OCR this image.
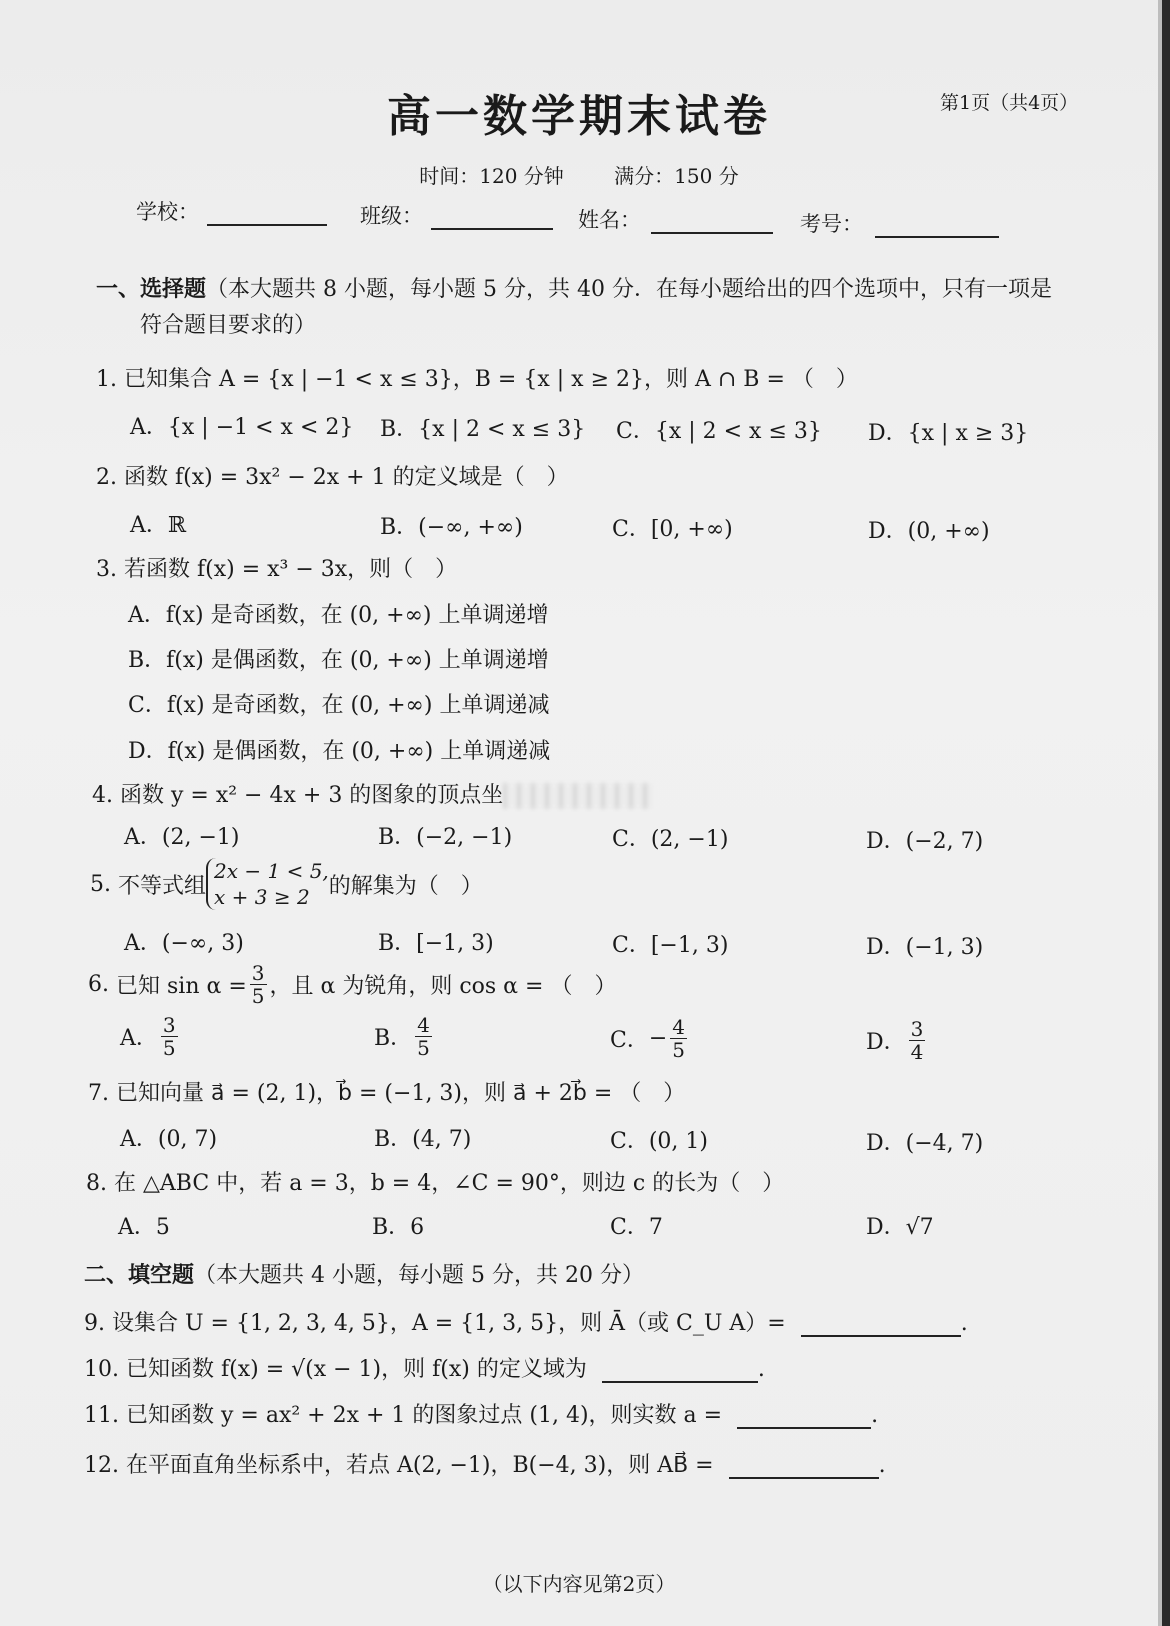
高一数学期末试卷	第1页（共4页）
时间：120 分钟	满分：150 分
学校：	班级：	姓名：	考号：
一、选择题（本大题共 8 小题，每小题 5 分，共 40 分．在每小题给出的四个选项中，只有一项是
符合题目要求的）
1. 已知集合 A = {x | −1 < x ≤ 3}，B = {x | x ≥ 2}，则 A ∩ B = （　）
A．{x | −1 < x < 2} B．{x | 2 < x ≤ 3} C．{x | 2 < x ≤ 3} D．{x | x ≥ 3}
2. 函数 f(x) = 3x² − 2x + 1 的定义域是（　）
A．ℝ	B．(−∞, +∞)	C．[0, +∞)	D．(0, +∞)
3. 若函数 f(x) = x³ − 3x，则（　）
A．f(x) 是奇函数，在 (0, +∞) 上单调递增
B．f(x) 是偶函数，在 (0, +∞) 上单调递增
C．f(x) 是奇函数，在 (0, +∞) 上单调递减
D．f(x) 是偶函数，在 (0, +∞) 上单调递减
4. 函数 y = x² − 4x + 3 的图象的顶点坐
A．(2, −1)	B．(−2, −1)	C．(2, −1)	D．(−2, 7)
5.
不等式组
2x − 1 < 5,
x + 3 ≥ 2 的解集为（　）
A．(−∞, 3)	B．[−1, 3)	C．[−1, 3)	D．(−1, 3)
6.
已知 $\sin \alpha = \frac{3}{5}$ ，且 α 为锐角，则 cos α = （　）
A． $\frac{3}{5}$	B． $\frac{4}{5}$	C． − $\frac{4}{5}$	D． $\frac{3}{4}$
7. 已知向量 a⃗ = (2, 1)，b⃗ = (−1, 3)，则 a⃗ + 2b⃗ = （　）
A．(0, 7)	B．(4, 7)	C．(0, 1)	D．(−4, 7)
8. 在 △ABC 中，若 a = 3，b = 4，∠C = 90°，则边 c 的长为（　）
A．5	B．6	C．7	D．√7
二、填空题（本大题共 4 小题，每小题 5 分，共 20 分）
9. 设集合 U = {1, 2, 3, 4, 5}，A = {1, 3, 5}，则 Ā（或 C_U A）=	.
10. 已知函数 f(x) = √(x − 1)，则 f(x) 的定义域为	.
11. 已知函数 y = ax² + 2x + 1 的图象过点 (1, 4)，则实数 a =	.
12. 在平面直角坐标系中，若点 A(2, −1)，B(−4, 3)，则 AB⃗ =	.
（以下内容见第2页）
